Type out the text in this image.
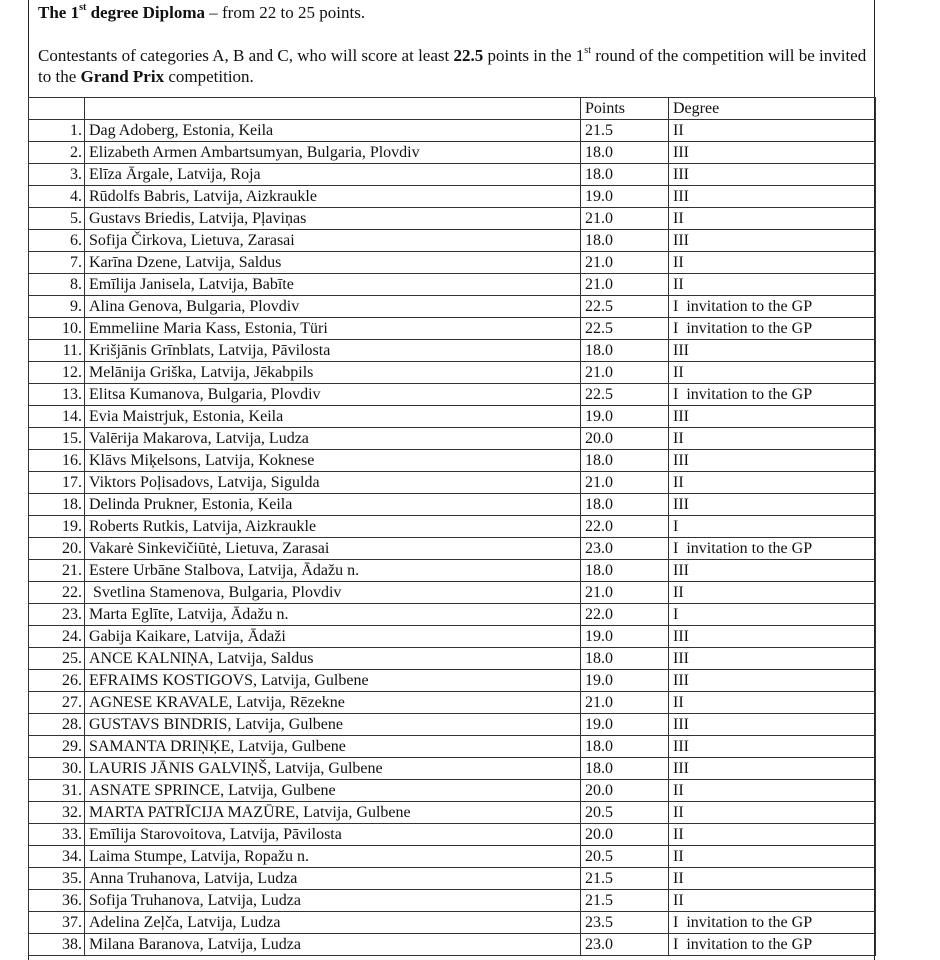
The 1st degree Diploma – from 22 to 25 points.

Contestants of categories A, B and C, who will score at least 22.5 points in the 1st round of the competition will be invited to the Grand Prix competition.

		Points	Degree
1.	Dag Adoberg, Estonia, Keila	21.5	II
2.	Elizabeth Armen Ambartsumyan, Bulgaria, Plovdiv	18.0	III
3.	Elīza Ārgale, Latvija, Roja	18.0	III
4.	Rūdolfs Babris, Latvija, Aizkraukle	19.0	III
5.	Gustavs Briedis, Latvija, Pļaviņas	21.0	II
6.	Sofija Čirkova, Lietuva, Zarasai	18.0	III
7.	Karīna Dzene, Latvija, Saldus	21.0	II
8.	Emīlija Janisela, Latvija, Babīte	21.0	II
9.	Alina Genova, Bulgaria, Plovdiv	22.5	I  invitation to the GP
10.	Emmeliine Maria Kass, Estonia, Türi	22.5	I  invitation to the GP
11.	Krišjānis Grīnblats, Latvija, Pāvilosta	18.0	III
12.	Melānija Griška, Latvija, Jēkabpils	21.0	II
13.	Elitsa Kumanova, Bulgaria, Plovdiv	22.5	I  invitation to the GP
14.	Evia Maistrjuk, Estonia, Keila	19.0	III
15.	Valērija Makarova, Latvija, Ludza	20.0	II
16.	Klāvs Miķelsons, Latvija, Koknese	18.0	III
17.	Viktors Poļisadovs, Latvija, Sigulda	21.0	II
18.	Delinda Prukner, Estonia, Keila	18.0	III
19.	Roberts Rutkis, Latvija, Aizkraukle	22.0	I
20.	Vakarė Sinkevičiūtė, Lietuva, Zarasai	23.0	I  invitation to the GP
21.	Estere Urbāne Stalbova, Latvija, Ādažu n.	18.0	III
22.	Svetlina Stamenova, Bulgaria, Plovdiv	21.0	II
23.	Marta Eglīte, Latvija, Ādažu n.	22.0	I
24.	Gabija Kaikare, Latvija, Ādaži	19.0	III
25.	ANCE KALNIŅA, Latvija, Saldus	18.0	III
26.	EFRAIMS KOSTIGOVS, Latvija, Gulbene	19.0	III
27.	AGNESE KRAVALE, Latvija, Rēzekne	21.0	II
28.	GUSTAVS BINDRIS, Latvija, Gulbene	19.0	III
29.	SAMANTA DRIŅĶE, Latvija, Gulbene	18.0	III
30.	LAURIS JĀNIS GALVIŅŠ, Latvija, Gulbene	18.0	III
31.	ASNATE SPRINCE, Latvija, Gulbene	20.0	II
32.	MARTA PATRĪCIJA MAZŪRE, Latvija, Gulbene	20.5	II
33.	Emīlija Starovoitova, Latvija, Pāvilosta	20.0	II
34.	Laima Stumpe, Latvija, Ropažu n.	20.5	II
35.	Anna Truhanova, Latvija, Ludza	21.5	II
36.	Sofija Truhanova, Latvija, Ludza	21.5	II
37.	Adelina Zeļča, Latvija, Ludza	23.5	I  invitation to the GP
38.	Milana Baranova, Latvija, Ludza	23.0	I  invitation to the GP
